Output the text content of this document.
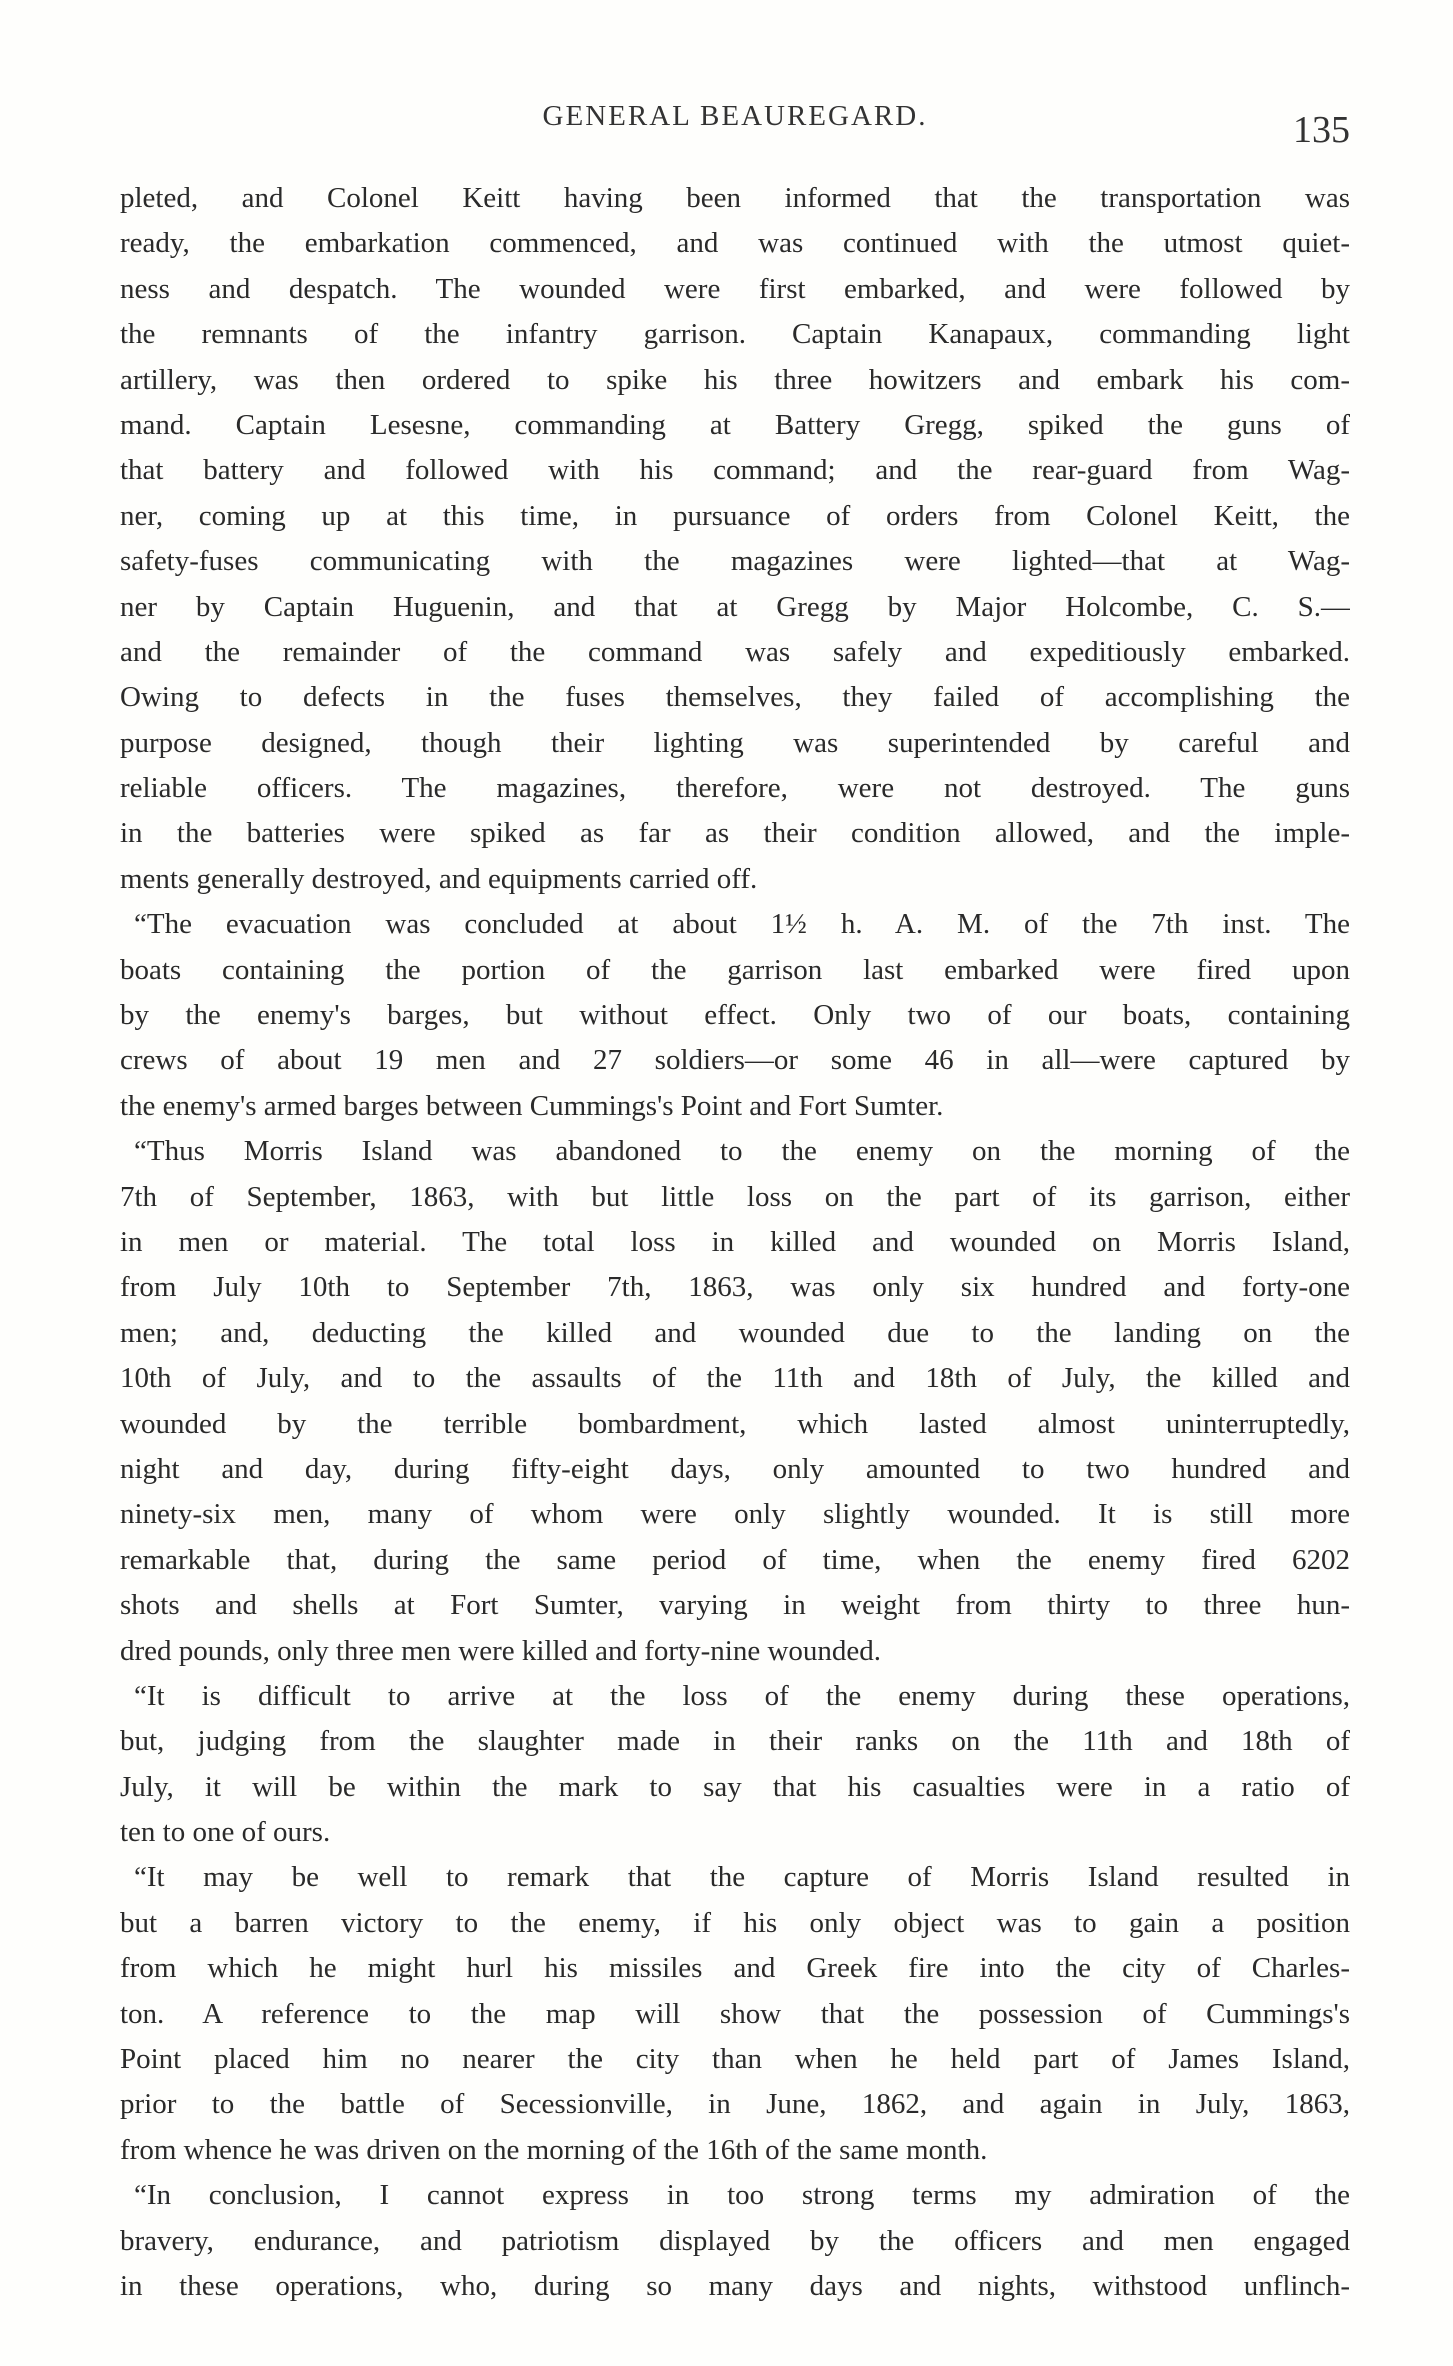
GENERAL BEAUREGARD.	135
pleted, and Colonel Keitt having been informed that the transportation was
ready, the embarkation commenced, and was continued with the utmost quiet-
ness and despatch. The wounded were first embarked, and were followed by
the remnants of the infantry garrison. Captain Kanapaux, commanding light
artillery, was then ordered to spike his three howitzers and embark his com-
mand. Captain Lesesne, commanding at Battery Gregg, spiked the guns of
that battery and followed with his command; and the rear-guard from Wag-
ner, coming up at this time, in pursuance of orders from Colonel Keitt, the
safety-fuses communicating with the magazines were lighted—that at Wag-
ner by Captain Huguenin, and that at Gregg by Major Holcombe, C. S.—
and the remainder of the command was safely and expeditiously embarked.
Owing to defects in the fuses themselves, they failed of accomplishing the
purpose designed, though their lighting was superintended by careful and
reliable officers. The magazines, therefore, were not destroyed. The guns
in the batteries were spiked as far as their condition allowed, and the imple-
ments generally destroyed, and equipments carried off.
“The evacuation was concluded at about 1½ h. A. M. of the 7th inst. The
boats containing the portion of the garrison last embarked were fired upon
by the enemy's barges, but without effect. Only two of our boats, containing
crews of about 19 men and 27 soldiers—or some 46 in all—were captured by
the enemy's armed barges between Cummings's Point and Fort Sumter.
“Thus Morris Island was abandoned to the enemy on the morning of the
7th of September, 1863, with but little loss on the part of its garrison, either
in men or material. The total loss in killed and wounded on Morris Island,
from July 10th to September 7th, 1863, was only six hundred and forty-one
men; and, deducting the killed and wounded due to the landing on the
10th of July, and to the assaults of the 11th and 18th of July, the killed and
wounded by the terrible bombardment, which lasted almost uninterruptedly,
night and day, during fifty-eight days, only amounted to two hundred and
ninety-six men, many of whom were only slightly wounded. It is still more
remarkable that, during the same period of time, when the enemy fired 6202
shots and shells at Fort Sumter, varying in weight from thirty to three hun-
dred pounds, only three men were killed and forty-nine wounded.
“It is difficult to arrive at the loss of the enemy during these operations,
but, judging from the slaughter made in their ranks on the 11th and 18th of
July, it will be within the mark to say that his casualties were in a ratio of
ten to one of ours.
“It may be well to remark that the capture of Morris Island resulted in
but a barren victory to the enemy, if his only object was to gain a position
from which he might hurl his missiles and Greek fire into the city of Charles-
ton. A reference to the map will show that the possession of Cummings's
Point placed him no nearer the city than when he held part of James Island,
prior to the battle of Secessionville, in June, 1862, and again in July, 1863,
from whence he was driven on the morning of the 16th of the same month.
“In conclusion, I cannot express in too strong terms my admiration of the
bravery, endurance, and patriotism displayed by the officers and men engaged
in these operations, who, during so many days and nights, withstood unflinch-
